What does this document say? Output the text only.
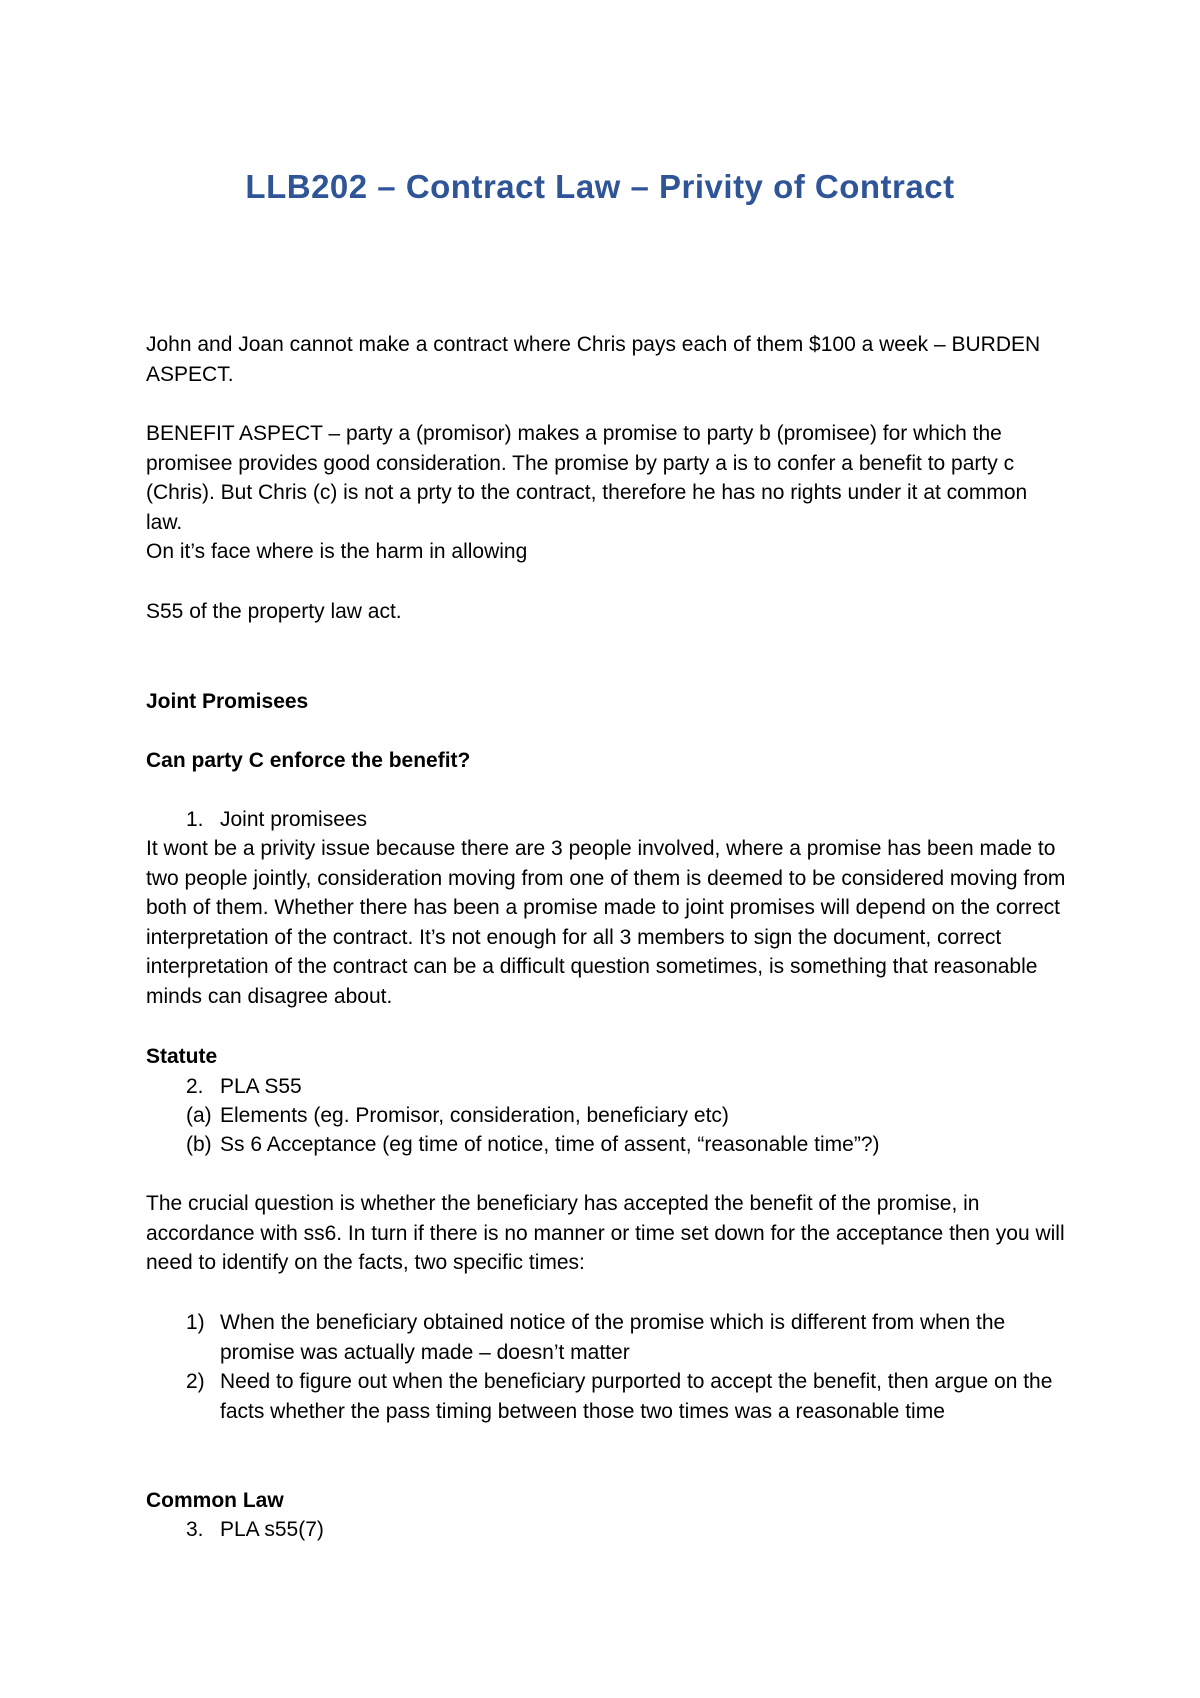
LLB202 – Contract Law – Privity of Contract

John and Joan cannot make a contract where Chris pays each of them $100 a week – BURDEN ASPECT.

BENEFIT ASPECT – party a (promisor) makes a promise to party b (promisee) for which the promisee provides good consideration. The promise by party a is to confer a benefit to party c (Chris). But Chris (c) is not a prty to the contract, therefore he has no rights under it at common law.

On it’s face where is the harm in allowing

S55 of the property law act.

Joint Promisees

Can party C enforce the benefit?

1. Joint promisees

It wont be a privity issue because there are 3 people involved, where a promise has been made to two people jointly, consideration moving from one of them is deemed to be considered moving from both of them. Whether there has been a promise made to joint promises will depend on the correct interpretation of the contract. It’s not enough for all 3 members to sign the document, correct interpretation of the contract can be a difficult question sometimes, is something that reasonable minds can disagree about.

Statute

2. PLA S55

(a) Elements (eg. Promisor, consideration, beneficiary etc)

(b) Ss 6 Acceptance (eg time of notice, time of assent, “reasonable time”?)

The crucial question is whether the beneficiary has accepted the benefit of the promise, in accordance with ss6. In turn if there is no manner or time set down for the acceptance then you will need to identify on the facts, two specific times:

1) When the beneficiary obtained notice of the promise which is different from when the promise was actually made – doesn’t matter

2) Need to figure out when the beneficiary purported to accept the benefit, then argue on the facts whether the pass timing between those two times was a reasonable time

Common Law

3. PLA s55(7)
